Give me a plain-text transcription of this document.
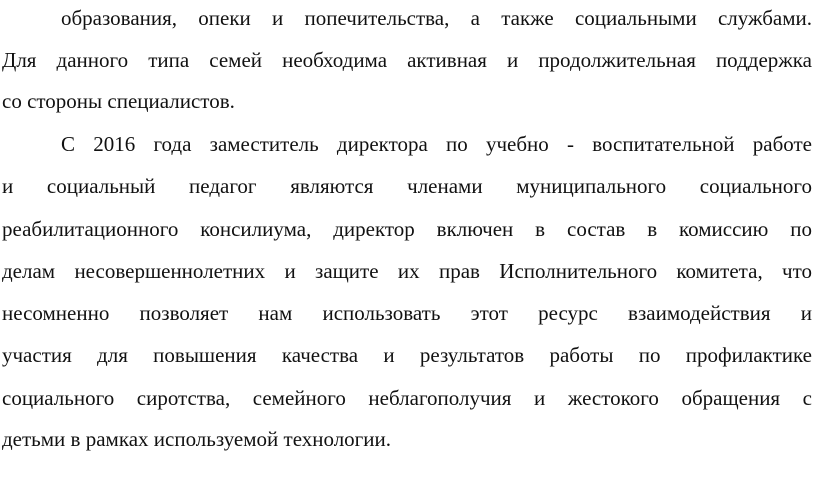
образования, опеки и попечительства, а также социальными службами.
Для данного типа семей необходима активная и продолжительная поддержка
со стороны специалистов.
С 2016 года заместитель директора по учебно - воспитательной работе
и социальный педагог являются членами муниципального социального
реабилитационного консилиума, директор включен в состав в комиссию по
делам несовершеннолетних и защите их прав Исполнительного комитета, что
несомненно позволяет нам использовать этот ресурс взаимодействия и
участия для повышения качества и результатов работы по профилактике
социального сиротства, семейного неблагополучия и жестокого обращения с
детьми в рамках используемой технологии.
